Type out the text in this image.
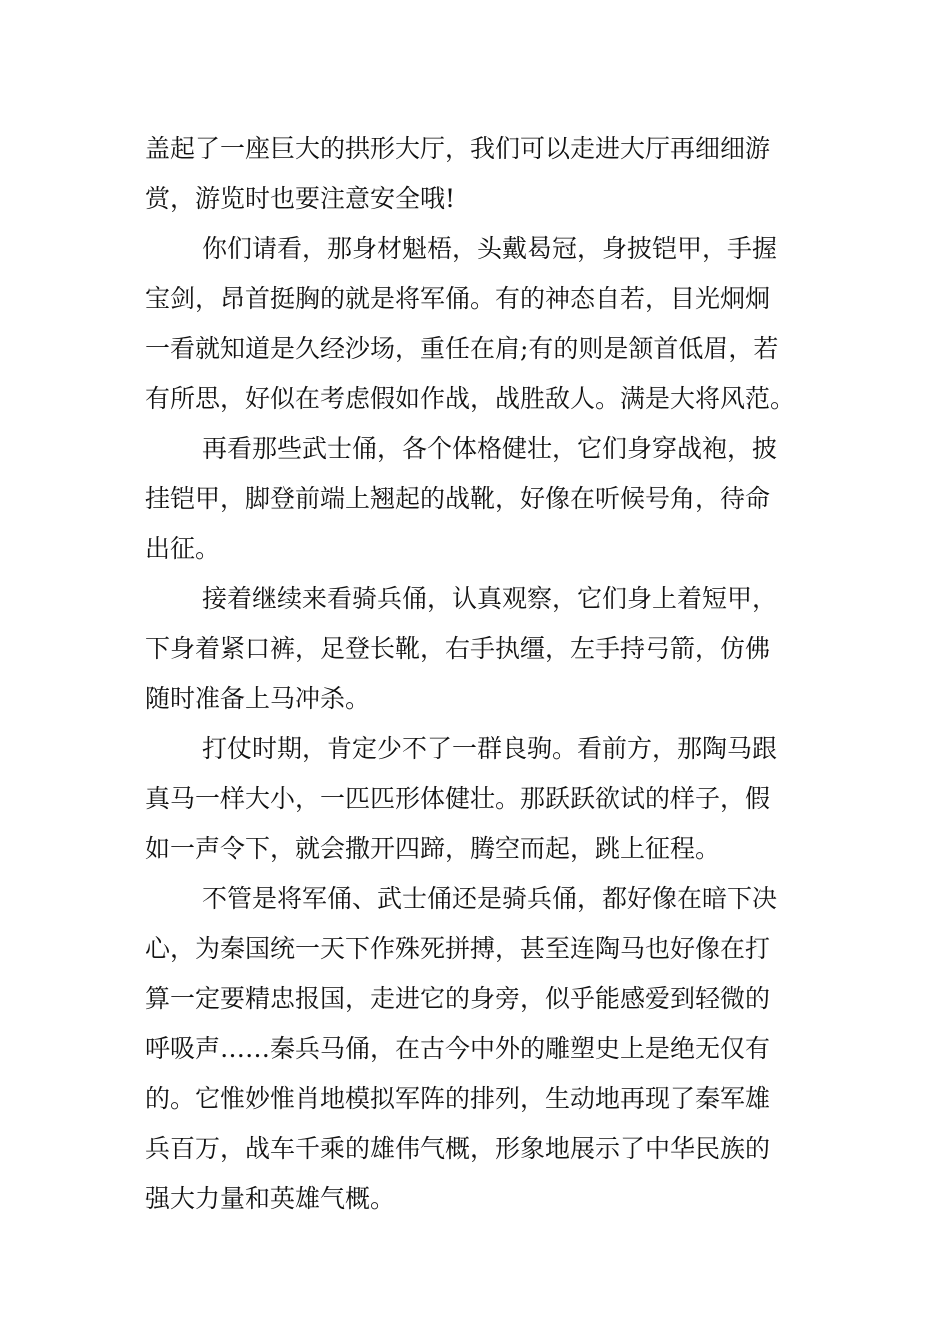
盖起了一座巨大的拱形大厅，我们可以走进大厅再细细游
赏，游览时也要注意安全哦!

你们请看，那身材魁梧，头戴曷冠，身披铠甲，手握
宝剑，昂首挺胸的就是将军俑。有的神态自若，目光炯炯
一看就知道是久经沙场，重任在肩;有的则是颔首低眉，若
有所思，好似在考虑假如作战，战胜敌人。满是大将风范。

再看那些武士俑，各个体格健壮，它们身穿战袍，披
挂铠甲，脚登前端上翘起的战靴，好像在听候号角，待命
出征。

接着继续来看骑兵俑，认真观察，它们身上着短甲，
下身着紧口裤，足登长靴，右手执缰，左手持弓箭，仿佛
随时准备上马冲杀。

打仗时期，肯定少不了一群良驹。看前方，那陶马跟
真马一样大小，一匹匹形体健壮。那跃跃欲试的样子，假
如一声令下，就会撒开四蹄，腾空而起，跳上征程。

不管是将军俑、武士俑还是骑兵俑，都好像在暗下决
心，为秦国统一天下作殊死拼搏，甚至连陶马也好像在打
算一定要精忠报国，走进它的身旁，似乎能感爱到轻微的
呼吸声……秦兵马俑，在古今中外的雕塑史上是绝无仅有
的。它惟妙惟肖地模拟军阵的排列，生动地再现了秦军雄
兵百万，战车千乘的雄伟气概，形象地展示了中华民族的
强大力量和英雄气概。
